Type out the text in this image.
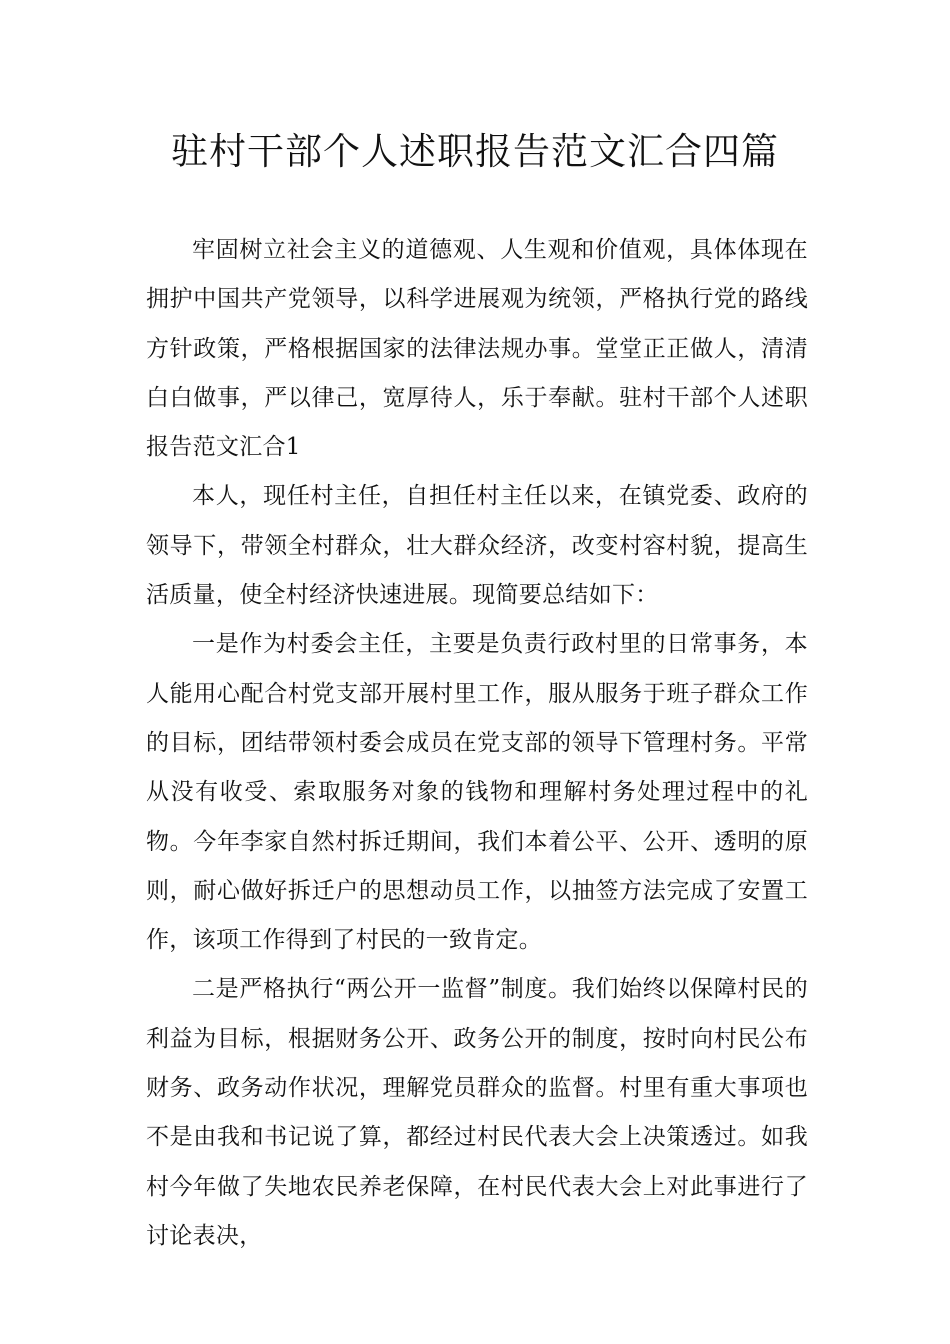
驻村干部个人述职报告范文汇合四篇

牢固树立社会主义的道德观、人生观和价值观，具体体现在拥护中国共产党领导，以科学进展观为统领，严格执行党的路线方针政策，严格根据国家的法律法规办事。堂堂正正做人，清清白白做事，严以律己，宽厚待人，乐于奉献。驻村干部个人述职报告范文汇合1

本人，现任村主任，自担任村主任以来，在镇党委、政府的领导下，带领全村群众，壮大群众经济，改变村容村貌，提高生活质量，使全村经济快速进展。现简要总结如下：

一是作为村委会主任，主要是负责行政村里的日常事务，本人能用心配合村党支部开展村里工作，服从服务于班子群众工作的目标，团结带领村委会成员在党支部的领导下管理村务。平常从没有收受、索取服务对象的钱物和理解村务处理过程中的礼物。今年李家自然村拆迁期间，我们本着公平、公开、透明的原则，耐心做好拆迁户的思想动员工作，以抽签方法完成了安置工作，该项工作得到了村民的一致肯定。

二是严格执行“两公开一监督”制度。我们始终以保障村民的利益为目标，根据财务公开、政务公开的制度，按时向村民公布财务、政务动作状况，理解党员群众的监督。村里有重大事项也不是由我和书记说了算，都经过村民代表大会上决策透过。如我村今年做了失地农民养老保障，在村民代表大会上对此事进行了讨论表决，
